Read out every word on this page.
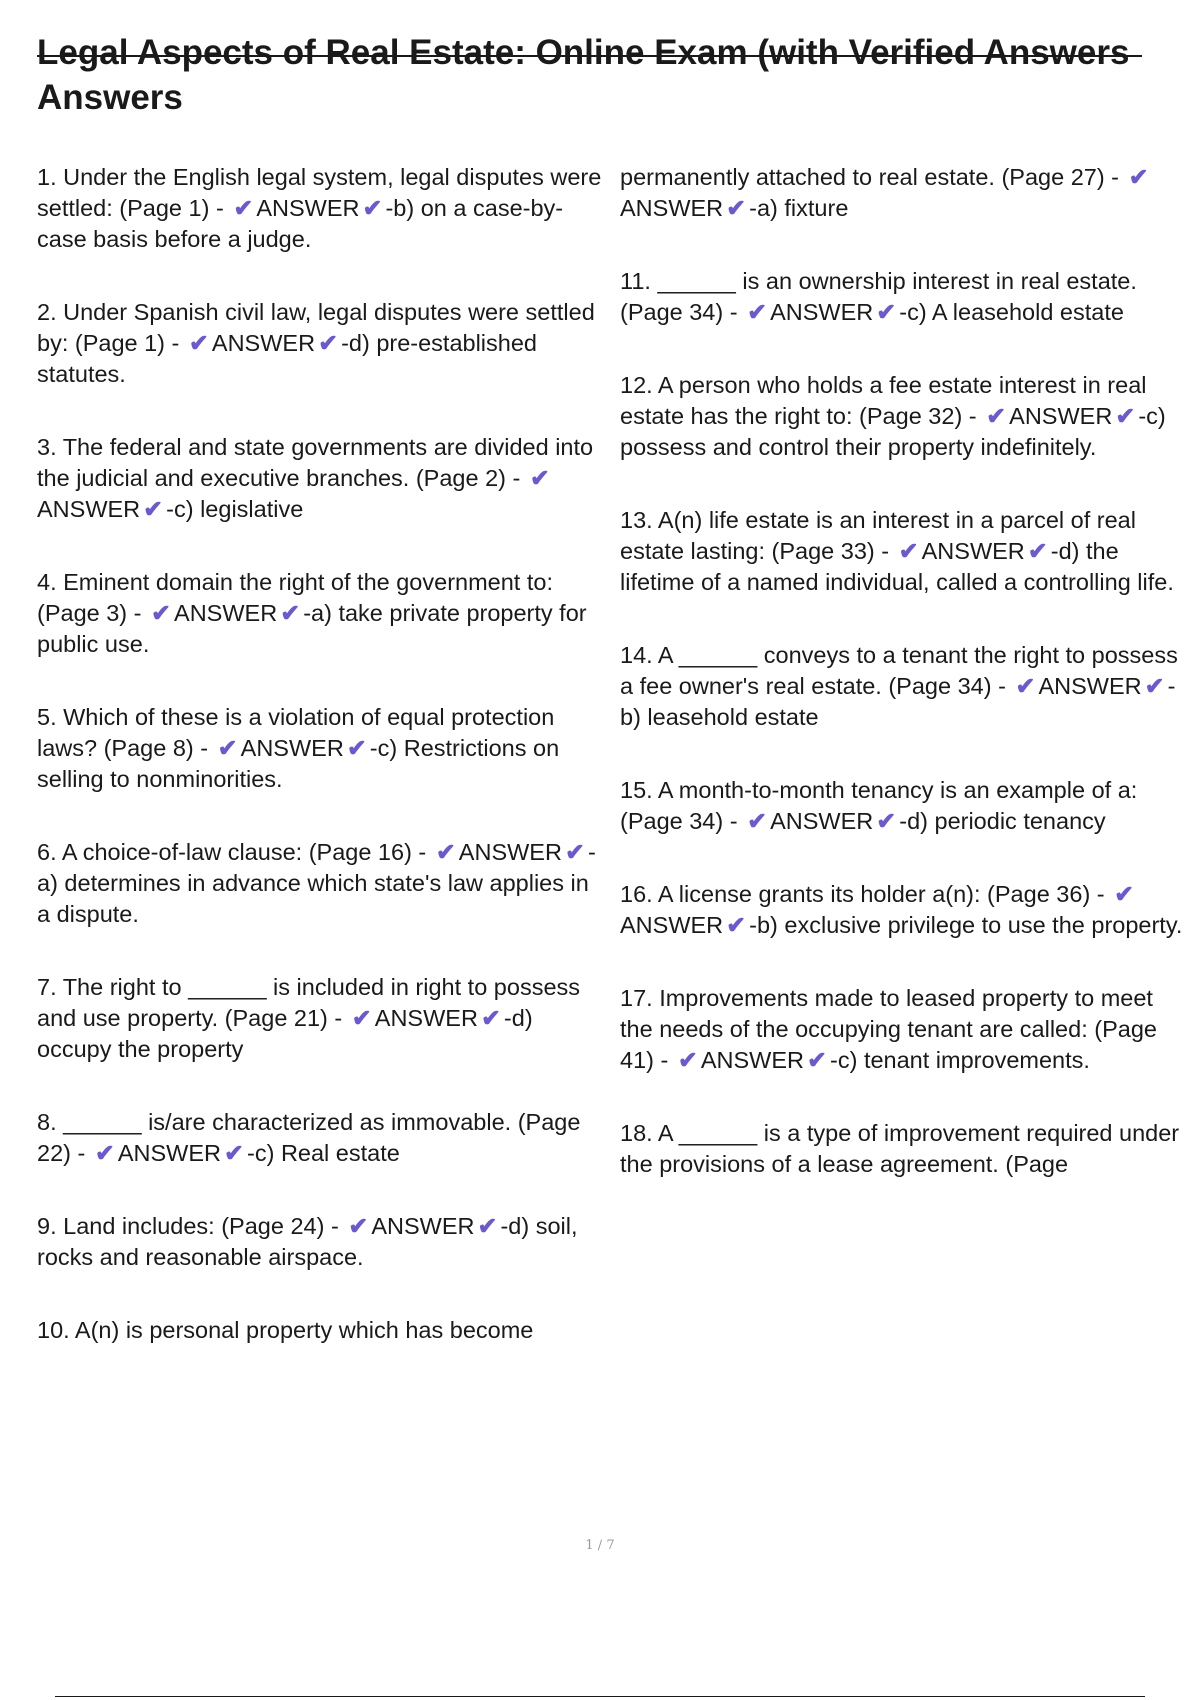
Legal Aspects of Real Estate: Online Exam (with Verified Answers
Answers

1. Under the English legal system, legal disputes were settled: (Page 1) - ✔ ANSWER ✔ -b) on a case-by-case basis before a judge.

2. Under Spanish civil law, legal disputes were settled by: (Page 1) - ✔ ANSWER ✔ -d) pre-established statutes.

3. The federal and state governments are divided into the judicial and executive branches. (Page 2) - ✔ANSWER ✔ -c) legislative

4. Eminent domain the right of the government to: (Page 3) - ✔ ANSWER ✔ -a) take private property for public use.

5. Which of these is a violation of equal protection laws? (Page 8) - ✔ ANSWER ✔ -c) Restrictions on selling to nonminorities.

6. A choice-of-law clause: (Page 16) - ✔ ANSWER ✔ -a) determines in advance which state's law applies in a dispute.

7. The right to ______ is included in right to possess and use property. (Page 21) - ✔ ANSWER ✔ -d) occupy the property

8. ______ is/are characterized as immovable. (Page 22) - ✔ ANSWER ✔ -c) Real estate

9. Land includes: (Page 24) - ✔ ANSWER ✔ -d) soil, rocks and reasonable airspace.

10. A(n) is personal property which has become

permanently attached to real estate. (Page 27) - ✔ANSWER ✔ -a) fixture

11. ______ is an ownership interest in real estate. (Page 34) - ✔ ANSWER ✔ -c) A leasehold estate

12. A person who holds a fee estate interest in real estate has the right to: (Page 32) - ✔ ANSWER ✔ -c) possess and control their property indefinitely.

13. A(n) life estate is an interest in a parcel of real estate lasting: (Page 33) - ✔ ANSWER ✔ -d) the lifetime of a named individual, called a controlling life.

14. A ______ conveys to a tenant the right to possess a fee owner's real estate. (Page 34) - ✔ ANSWER ✔ -b) leasehold estate

15. A month-to-month tenancy is an example of a: (Page 34) - ✔ ANSWER ✔ -d) periodic tenancy

16. A license grants its holder a(n): (Page 36) - ✔ANSWER ✔ -b) exclusive privilege to use the property.

17. Improvements made to leased property to meet the needs of the occupying tenant are called: (Page 41) - ✔ ANSWER ✔ -c) tenant improvements.

18. A ______ is a type of improvement required under the provisions of a lease agreement. (Page

1 / 7
